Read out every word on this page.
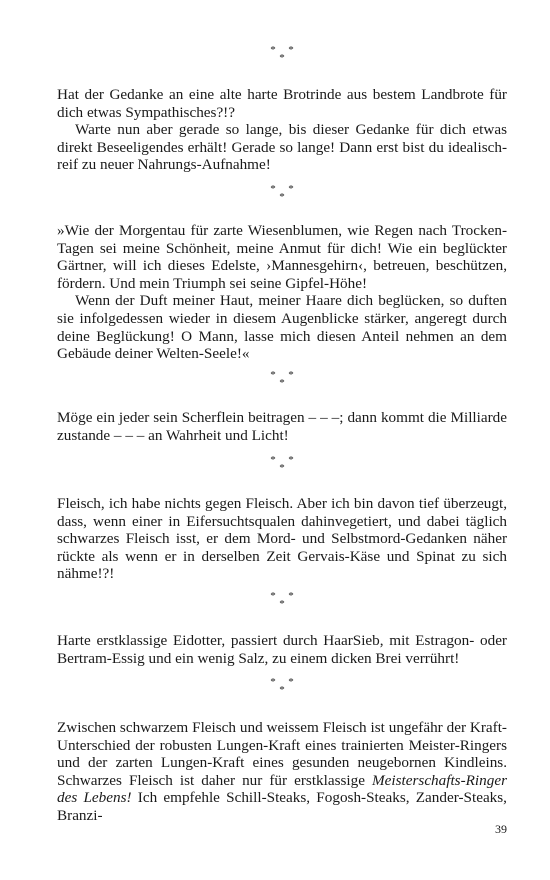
* *
*

Hat der Gedanke an eine alte harte Brotrinde aus bestem Landbrote für dich etwas Sympathisches?!?

Warte nun aber gerade so lange, bis dieser Gedanke für dich etwas direkt Beseeligendes erhält! Gerade so lange! Dann erst bist du idealisch-reif zu neuer Nahrungs-Aufnahme!

* *
*

»Wie der Morgentau für zarte Wiesenblumen, wie Regen nach Trocken-Tagen sei meine Schönheit, meine Anmut für dich! Wie ein beglückter Gärtner, will ich dieses Edelste, ›Mannesgehirn‹, betreuen, beschützen, fördern. Und mein Triumph sei seine Gipfel-Höhe!

Wenn der Duft meiner Haut, meiner Haare dich beglücken, so duften sie infolgedessen wieder in diesem Augenblicke stärker, angeregt durch deine Beglückung! O Mann, lasse mich diesen Anteil nehmen an dem Gebäude deiner Welten-Seele!«

* *
*

Möge ein jeder sein Scherflein beitragen – – –; dann kommt die Milliarde zustande – – – an Wahrheit und Licht!

* *
*

Fleisch, ich habe nichts gegen Fleisch. Aber ich bin davon tief überzeugt, dass, wenn einer in Eifersuchtsqualen dahinvegetiert, und dabei täglich schwarzes Fleisch isst, er dem Mord- und Selbstmord-Gedanken näher rückte als wenn er in derselben Zeit Gervais-Käse und Spinat zu sich nähme!?!

* *
*

Harte erstklassige Eidotter, passiert durch HaarSieb, mit Estragon- oder Bertram-Essig und ein wenig Salz, zu einem dicken Brei verrührt!

* *
*

Zwischen schwarzem Fleisch und weissem Fleisch ist ungefähr der Kraft-Unterschied der robusten Lungen-Kraft eines trainierten Meister-Ringers und der zarten Lungen-Kraft eines gesunden neugebornen Kindleins. Schwarzes Fleisch ist daher nur für erstklassige Meisterschafts-Ringer des Lebens! Ich empfehle Schill-Steaks, Fogosh-Steaks, Zander-Steaks, Branzi-

39
